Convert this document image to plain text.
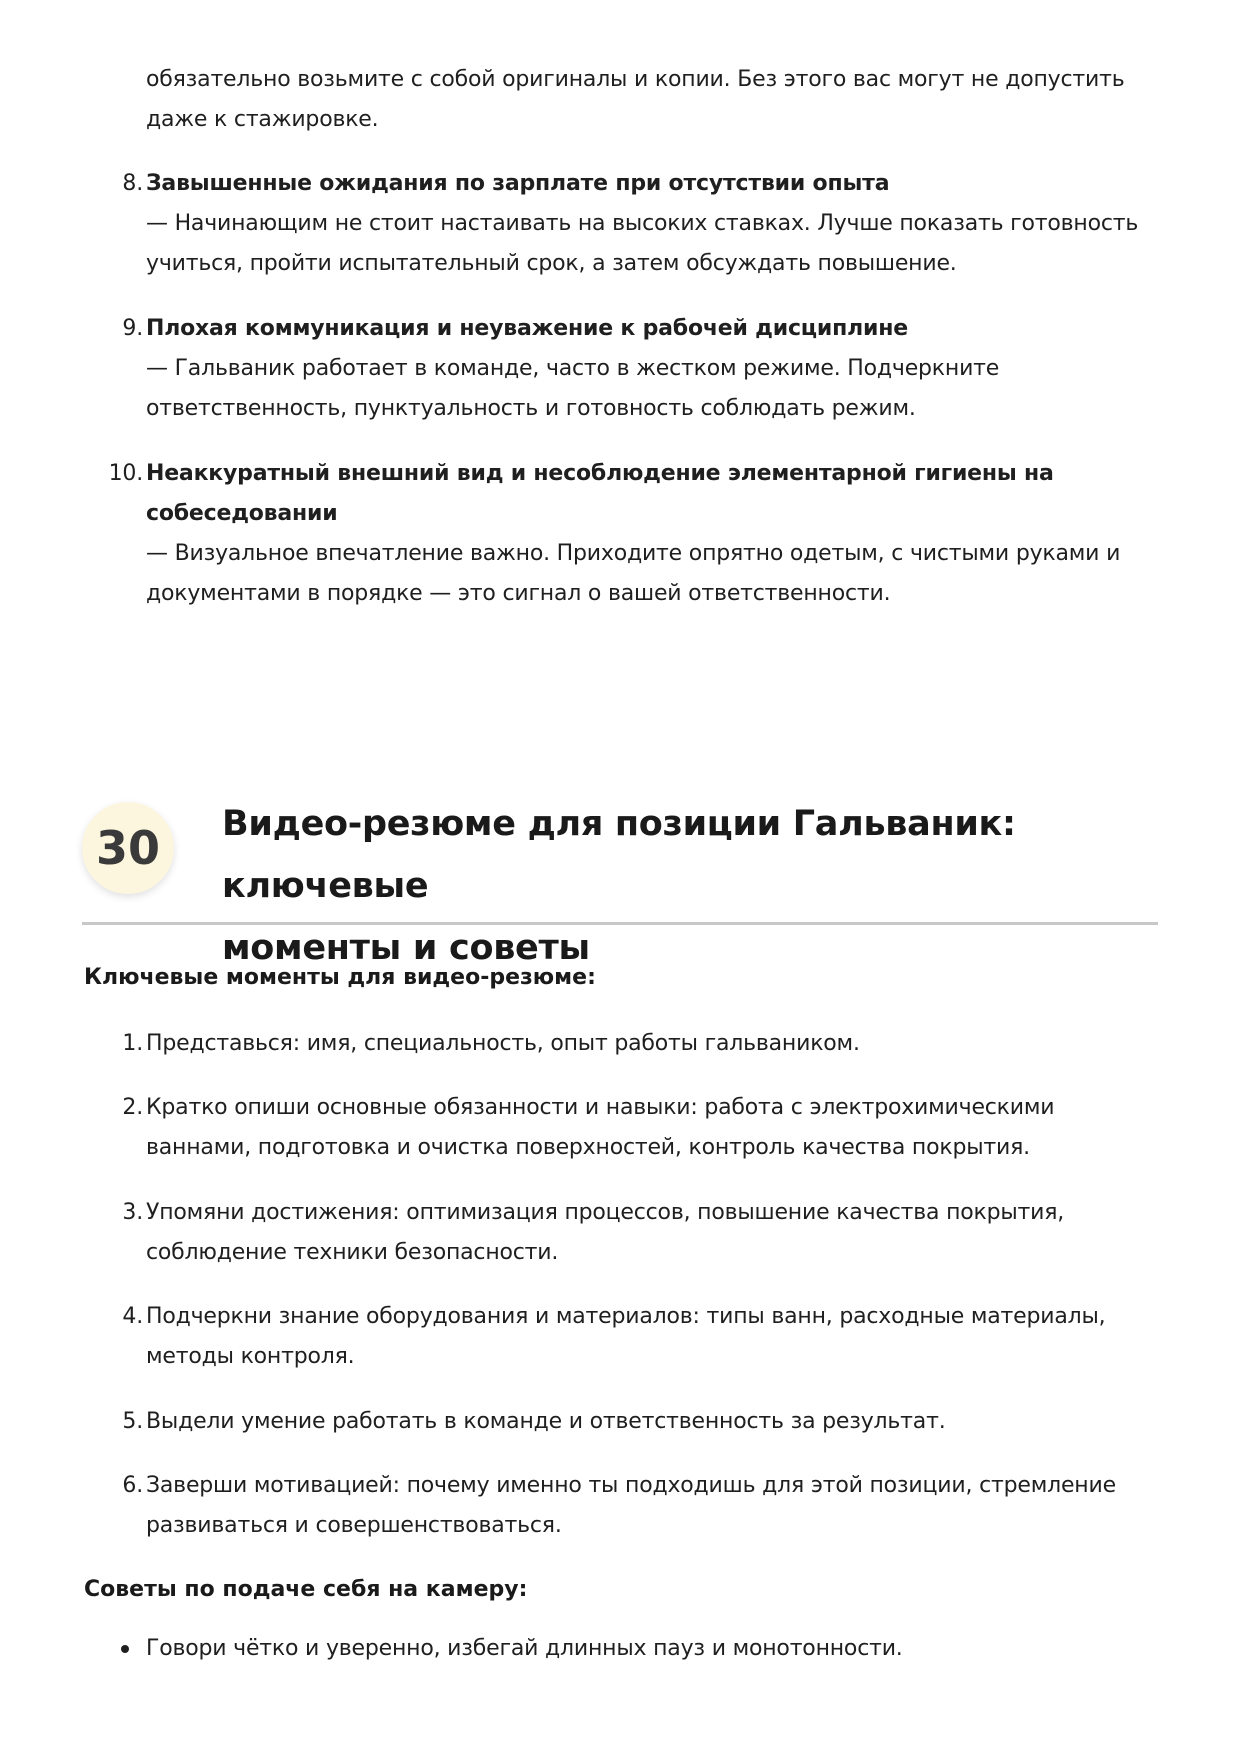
обязательно возьмите с собой оригиналы и копии. Без этого вас могут не допустить
даже к стажировке.
8. Завышенные ожидания по зарплате при отсутствии опыта
— Начинающим не стоит настаивать на высоких ставках. Лучше показать готовность
учиться, пройти испытательный срок, а затем обсуждать повышение.
9. Плохая коммуникация и неуважение к рабочей дисциплине
— Гальваник работает в команде, часто в жестком режиме. Подчеркните
ответственность, пунктуальность и готовность соблюдать режим.
10. Неаккуратный внешний вид и несоблюдение элементарной гигиены на
собеседовании
— Визуальное впечатление важно. Приходите опрятно одетым, с чистыми руками и
документами в порядке — это сигнал о вашей ответственности.
30	Видео-резюме для позиции Гальваник: ключевые
моменты и советы
Ключевые моменты для видео-резюме:
1. Представься: имя, специальность, опыт работы гальваником.
2. Кратко опиши основные обязанности и навыки: работа с электрохимическими
ваннами, подготовка и очистка поверхностей, контроль качества покрытия.
3. Упомяни достижения: оптимизация процессов, повышение качества покрытия,
соблюдение техники безопасности.
4. Подчеркни знание оборудования и материалов: типы ванн, расходные материалы,
методы контроля.
5. Выдели умение работать в команде и ответственность за результат.
6. Заверши мотивацией: почему именно ты подходишь для этой позиции, стремление
развиваться и совершенствоваться.
Советы по подаче себя на камеру:
Говори чётко и уверенно, избегай длинных пауз и монотонности.
